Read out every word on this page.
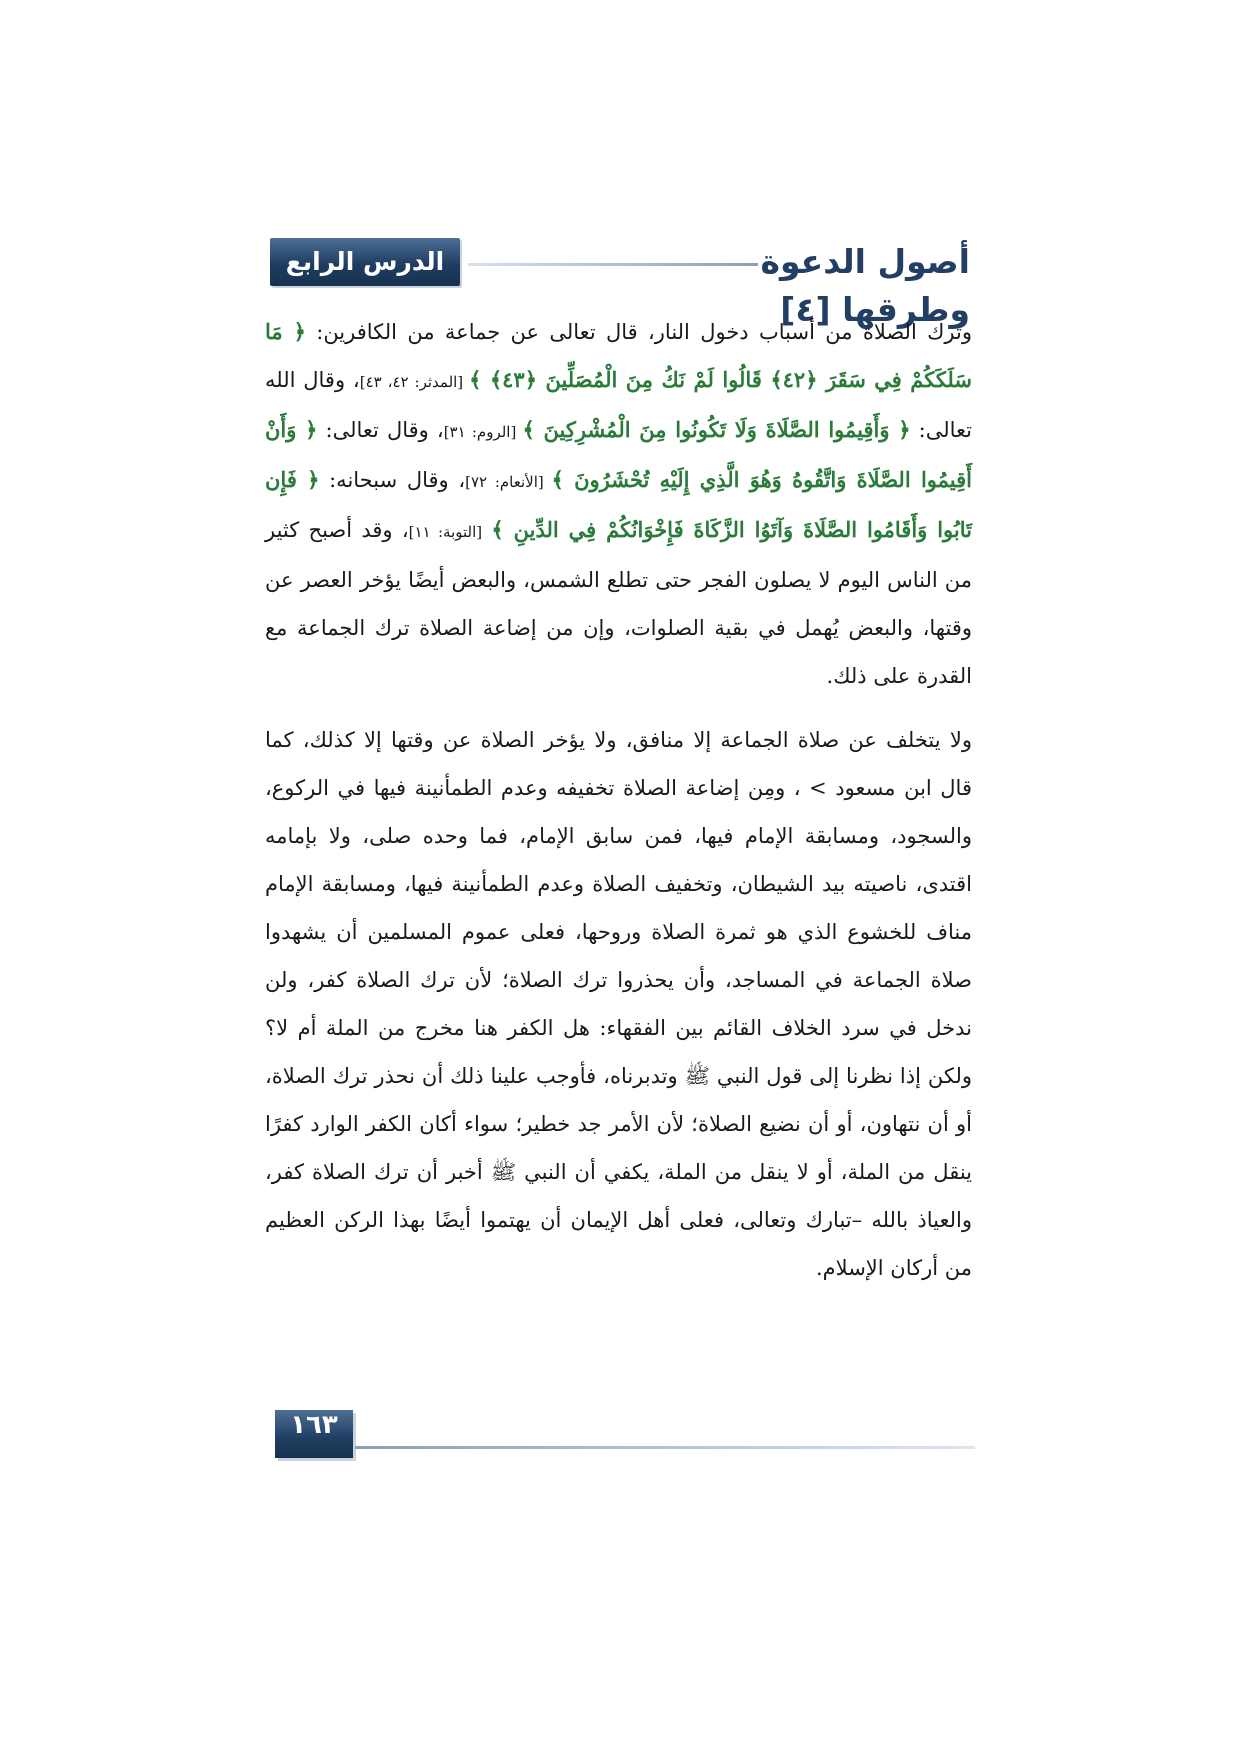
الدرس الرابع	أصول الدعوة وطرقها [٤]

وترك الصلاة من أسباب دخول النار، قال تعالى عن جماعة من الكافرين: ﴿ مَا سَلَكَكُمْ فِي سَقَرَ ﴿٤٢﴾ قَالُوا لَمْ نَكُ مِنَ الْمُصَلِّينَ ﴿٤٣﴾ ﴾ [المدثر: ٤٢، ٤٣]، وقال الله تعالى: ﴿ وَأَقِيمُوا الصَّلَاةَ وَلَا تَكُونُوا مِنَ الْمُشْرِكِينَ ﴾ [الروم: ٣١]، وقال تعالى: ﴿ وَأَنْ أَقِيمُوا الصَّلَاةَ وَاتَّقُوهُ وَهُوَ الَّذِي إِلَيْهِ تُحْشَرُونَ ﴾ [الأنعام: ٧٢]، وقال سبحانه: ﴿ فَإِن تَابُوا وَأَقَامُوا الصَّلَاةَ وَآتَوُا الزَّكَاةَ فَإِخْوَانُكُمْ فِي الدِّينِ ﴾ [التوبة: ١١]، وقد أصبح كثير من الناس اليوم لا يصلون الفجر حتى تطلع الشمس، والبعض أيضًا يؤخر العصر عن وقتها، والبعض يُهمل في بقية الصلوات، وإن من إضاعة الصلاة ترك الجماعة مع القدرة على ذلك.

ولا يتخلف عن صلاة الجماعة إلا منافق، ولا يؤخر الصلاة عن وقتها إلا كذلك، كما قال ابن مسعود > ، ومِن إضاعة الصلاة تخفيفه وعدم الطمأنينة فيها في الركوع، والسجود، ومسابقة الإمام فيها، فمن سابق الإمام، فما وحده صلى، ولا بإمامه اقتدى، ناصيته بيد الشيطان، وتخفيف الصلاة وعدم الطمأنينة فيها، ومسابقة الإمام مناف للخشوع الذي هو ثمرة الصلاة وروحها، فعلى عموم المسلمين أن يشهدوا صلاة الجماعة في المساجد، وأن يحذروا ترك الصلاة؛ لأن ترك الصلاة كفر، ولن ندخل في سرد الخلاف القائم بين الفقهاء: هل الكفر هنا مخرج من الملة أم لا؟ ولكن إذا نظرنا إلى قول النبي ﷺ وتدبرناه، فأوجب علينا ذلك أن نحذر ترك الصلاة، أو أن نتهاون، أو أن نضيع الصلاة؛ لأن الأمر جد خطير؛ سواء أكان الكفر الوارد كفرًا ينقل من الملة، أو لا ينقل من الملة، يكفي أن النبي ﷺ أخبر أن ترك الصلاة كفر، والعياذ بالله –تبارك وتعالى، فعلى أهل الإيمان أن يهتموا أيضًا بهذا الركن العظيم من أركان الإسلام.

١٦٣
